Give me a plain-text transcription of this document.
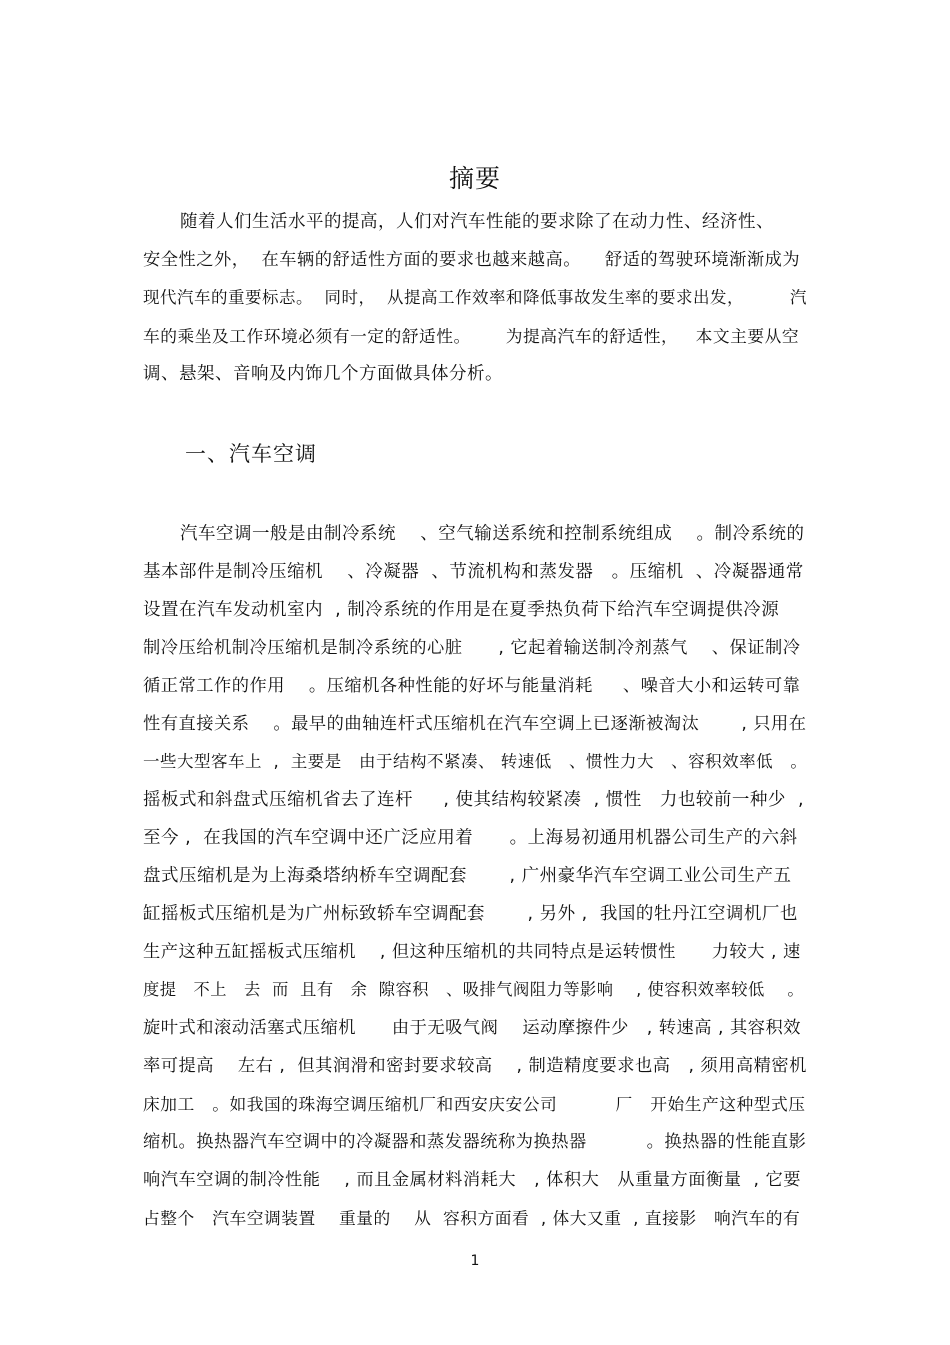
摘要
随着人们生活水平的提高，人们对汽车性能的要求除了在动力性、经济性、
安全性之外，  在车辆的舒适性方面的要求也越来越高。    舒适的驾驶环境渐渐成为
现代汽车的重要标志。  同时，  从提高工作效率和降低事故发生率的要求出发，        汽
车的乘坐及工作环境必须有一定的舒适性。      为提高汽车的舒适性，   本文主要从空
调、悬架、音响及内饰几个方面做具体分析。
一、汽车空调
汽车空调一般是由制冷系统    、空气输送系统和控制系统组成    。制冷系统的
基本部件是制冷压缩机    、冷凝器  、节流机构和蒸发器   。压缩机  、冷凝器通常
设置在汽车发动机室内  , 制冷系统的作用是在夏季热负荷下给汽车空调提供冷源
制冷压给机制冷压缩机是制冷系统的心脏      , 它起着输送制冷剂蒸气    、保证制冷
循正常工作的作用    。压缩机各种性能的好坏与能量消耗     、噪音大小和运转可靠
性有直接关系    。最早的曲轴连杆式压缩机在汽车空调上已逐渐被淘汰       , 只用在
一些大型客车上  ,  主要是   由于结构不紧凑、 转速低   、惯性力大   、容积效率低   。
摇板式和斜盘式压缩机省去了连杆     , 使其结构较紧凑  , 惯性   力也较前一种少  ,
至今 ,  在我国的汽车空调中还广泛应用着      。上海易初通用机器公司生产的六斜
盘式压缩机是为上海桑塔纳桥车空调配套       , 广州豪华汽车空调工业公司生产五
缸摇板式压缩机是为广州标致轿车空调配套       , 另外 ,  我国的牡丹江空调机厂也
生产这种五缸摇板式压缩机    , 但这种压缩机的共同特点是运转惯性      力较大 , 速
度提   不上   去  而  且有   余  隙容积   、吸排气阀阻力等影响    , 使容积效率较低    。
旋叶式和滚动活塞式压缩机      由于无吸气阀    运动摩擦件少   , 转速高 , 其容积效
率可提高    左右 ,  但其润滑和密封要求较高    , 制造精度要求也高   , 须用高精密机
床加工   。如我国的珠海空调压缩机厂和西安庆安公司          厂   开始生产这种型式压
缩机。换热器汽车空调中的冷凝器和蒸发器统称为换热器          。换热器的性能直影
响汽车空调的制冷性能    , 而且金属材料消耗大   , 体积大   从重量方面衡量  , 它要
占整个   汽车空调装置    重量的    从  容积方面看  , 体大又重  , 直接影   响汽车的有
1
